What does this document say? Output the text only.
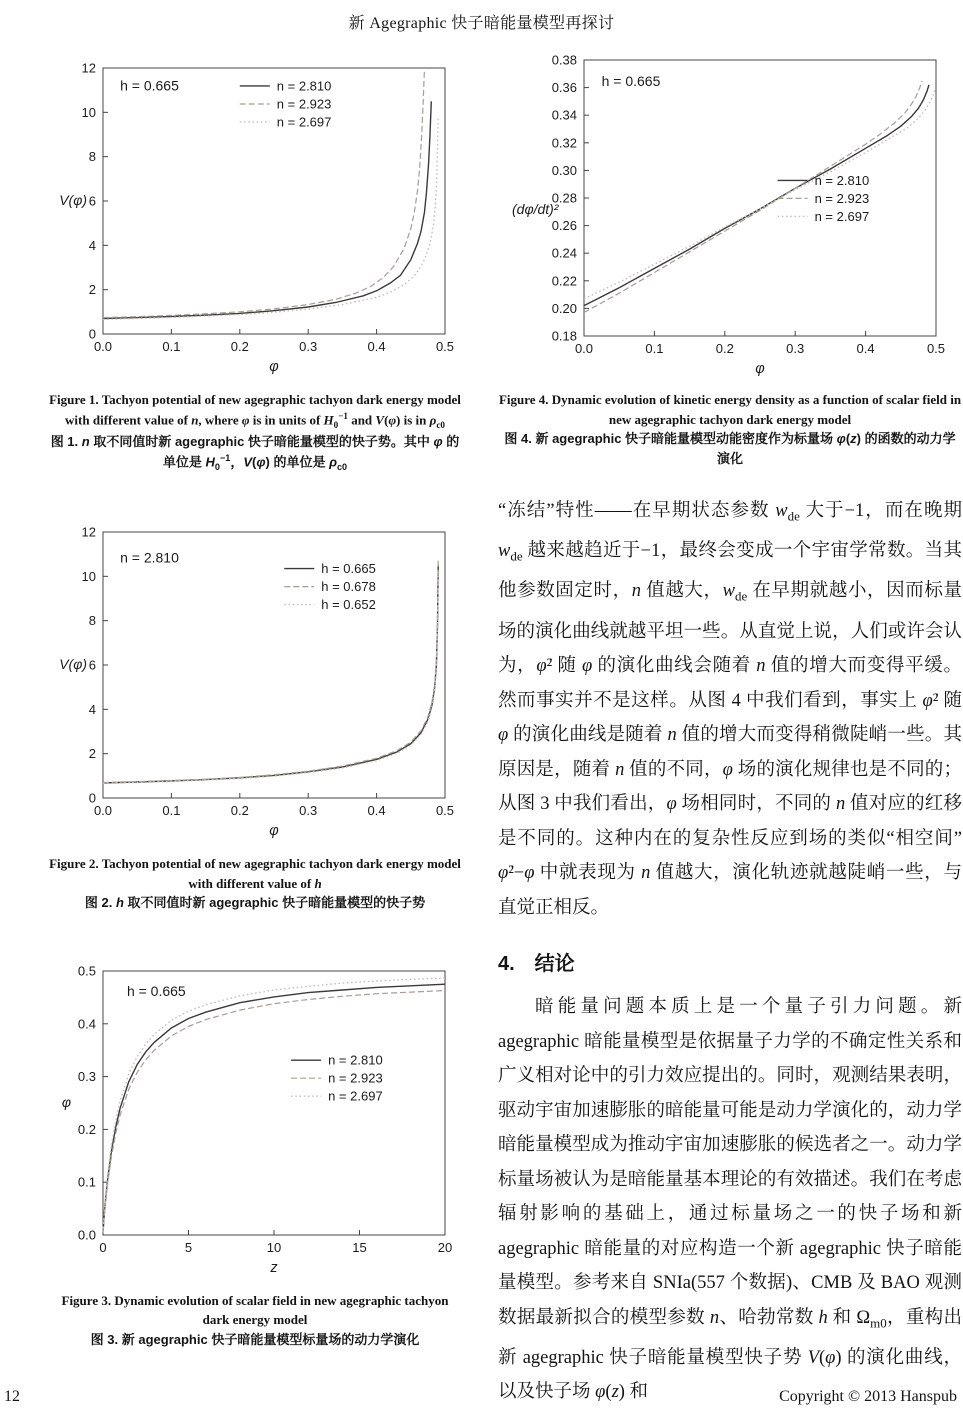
新 Agegraphic 快子暗能量模型再探讨
0.0	0.1	0.2	0.3	0.4	0.5
0
2
4
6
8
10
12
φ
V(φ)
h = 0.665	n = 2.810
n = 2.923
n = 2.697
Figure 1. Tachyon potential of new agegraphic tachyon dark energy model with different value of n, where φ is in units of $H_0^{-1}$ and V(φ) is in $\rho_{c0}$
图 1. n 取不同值时新 agegraphic 快子暗能量模型的快子势。其中 φ 的单位是 $H_0^{-1}$，V(φ) 的单位是 $\rho_{c0}$
0.0	0.1	0.2	0.3	0.4	0.5
0
2
4
6
8
10
12
φ
V(φ)
n = 2.810
h = 0.665
h = 0.678
h = 0.652
Figure 2. Tachyon potential of new agegraphic tachyon dark energy model with different value of h
图 2. h 取不同值时新 agegraphic 快子暗能量模型的快子势
0	5	10	15	20
0.0
0.1
0.2
0.3
0.4
0.5
z
φ
h = 0.665
n = 2.810
n = 2.923
n = 2.697
Figure 3. Dynamic evolution of scalar field in new agegraphic tachyon dark energy model
图 3. 新 agegraphic 快子暗能量模型标量场的动力学演化
0.0	0.1	0.2	0.3	0.4	0.5
0.18
0.20
0.22
0.24
0.26
0.28
0.30
0.32
0.34
0.36
0.38
φ
(dφ/dt)²
h = 0.665
n = 2.810
n = 2.923
n = 2.697
Figure 4. Dynamic evolution of kinetic energy density as a function of scalar field in new agegraphic tachyon dark energy model
图 4. 新 agegraphic 快子暗能量模型动能密度作为标量场 φ(z) 的函数的动力学演化

“冻结”特性——在早期状态参数 $w_{de}$ 大于−1，而在晚期 $w_{de}$ 越来越趋近于−1，最终会变成一个宇宙学常数。当其他参数固定时，n 值越大，$w_{de}$ 在早期就越小，因而标量场的演化曲线就越平坦一些。从直觉上说，人们或许会认为，φ̇² 随 φ 的演化曲线会随着 n 值的增大而变得平缓。然而事实并不是这样。从图 4 中我们看到，事实上 φ̇² 随 φ 的演化曲线是随着 n 值的增大而变得稍微陡峭一些。其原因是，随着 n 值的不同，φ 场的演化规律也是不同的；从图 3 中我们看出，φ 场相同时，不同的 n 值对应的红移是不同的。这种内在的复杂性反应到场的类似“相空间” φ̇²−φ 中就表现为 n 值越大，演化轨迹就越陡峭一些，与直觉正相反。

4.　结论

暗能量问题本质上是一个量子引力问题。新 agegraphic 暗能量模型是依据量子力学的不确定性关系和广义相对论中的引力效应提出的。同时，观测结果表明，驱动宇宙加速膨胀的暗能量可能是动力学演化的，动力学暗能量模型成为推动宇宙加速膨胀的候选者之一。动力学标量场被认为是暗能量基本理论的有效描述。我们在考虑辐射影响的基础上，通过标量场之一的快子场和新 agegraphic 暗能量的对应构造一个新 agegraphic 快子暗能量模型。参考来自 SNIa(557 个数据)、CMB 及 BAO 观测数据最新拟合的模型参数 n、哈勃常数 h 和 $\Omega_{m0}$，重构出新 agegraphic 快子暗能量模型快子势 V(φ) 的演化曲线，以及快子场 φ(z) 和

12	Copyright © 2013 Hanspub
